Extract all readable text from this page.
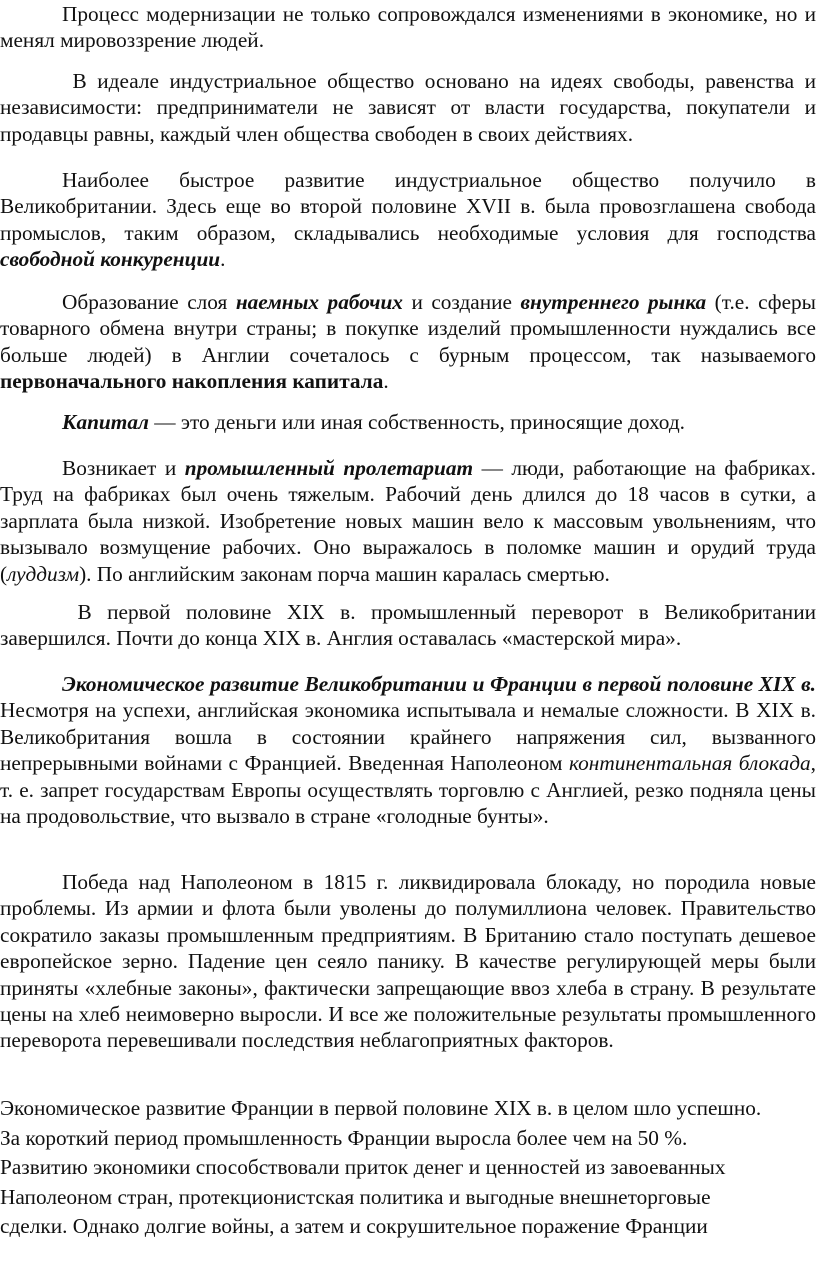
Процесс модернизации не только сопровождался изменениями в экономике, но и менял мировоззрение людей.

В идеале индустриальное общество основано на идеях свободы, равенства и независимости: предприниматели не зависят от власти государства, покупатели и продавцы равны, каждый член общества свободен в своих действиях.

Наиболее быстрое развитие индустриальное общество получило в Великобритании. Здесь еще во второй половине XVII в. была провозглашена свобода промыслов, таким образом, складывались необходимые условия для господства свободной конкуренции.

Образование слоя наемных рабочих и создание внутреннего рынка (т.е. сферы товарного обмена внутри страны; в покупке изделий промышленности нуждались все больше людей) в Англии сочеталось с бурным процессом, так называемого первоначального накопления капитала.

Капитал — это деньги или иная собственность, приносящие доход.

Возникает и промышленный пролетариат — люди, работающие на фабриках. Труд на фабриках был очень тяжелым. Рабочий день длился до 18 часов в сутки, а зарплата была низкой. Изобретение новых машин вело к массовым увольнениям, что вызывало возмущение рабочих. Оно выражалось в поломке машин и орудий труда (луддизм). По английским законам порча машин каралась смертью.

В первой половине XIX в. промышленный переворот в Великобритании завершился. Почти до конца XIX в. Англия оставалась «мастерской мира».

Экономическое развитие Великобритании и Франции в первой половине XIX в. Несмотря на успехи, английская экономика испытывала и немалые сложности. В XIX в. Великобритания вошла в состоянии крайнего напряжения сил, вызванного непрерывными войнами с Францией. Введенная Наполеоном континентальная блокада, т. е. запрет государствам Европы осуществлять торговлю с Англией, резко подняла цены на продовольствие, что вызвало в стране «голодные бунты».

Победа над Наполеоном в 1815 г. ликвидировала блокаду, но породила новые проблемы. Из армии и флота были уволены до полумиллиона человек. Правительство сократило заказы промышленным предприятиям. В Британию стало поступать дешевое европейское зерно. Падение цен сеяло панику. В качестве регулирующей меры были приняты «хлебные законы», фактически запрещающие ввоз хлеба в страну. В результате цены на хлеб неимоверно выросли. И все же положительные результаты промышленного переворота перевешивали последствия неблагоприятных факторов.

Экономическое развитие Франции в первой половине XIX в. в целом шло успешно.
За короткий период промышленность Франции выросла более чем на 50 %.
Развитию экономики способствовали приток денег и ценностей из завоеванных
Наполеоном стран, протекционистская политика и выгодные внешнеторговые
сделки. Однако долгие войны, а затем и сокрушительное поражение Франции
